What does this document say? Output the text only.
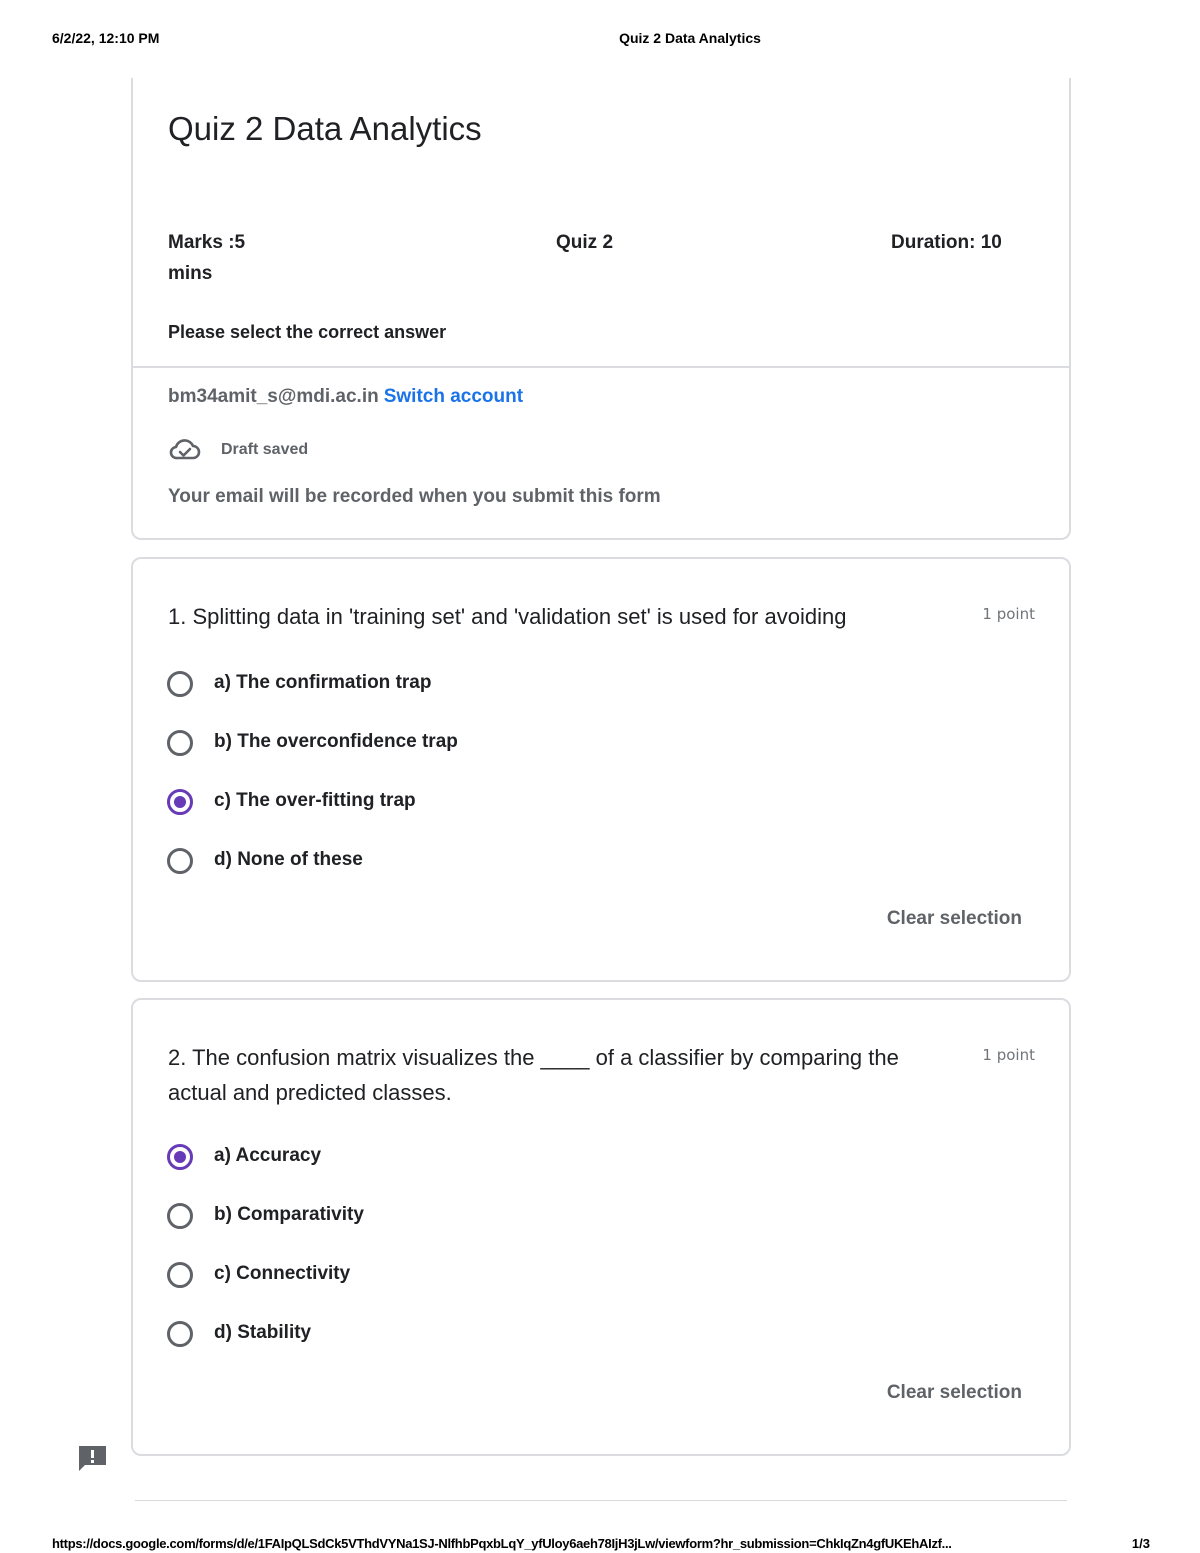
6/2/22, 12:10 PM	Quiz 2 Data Analytics
Quiz 2 Data Analytics
Marks :5	Quiz 2	Duration: 10
mins
Please select the correct answer
bm34amit_s@mdi.ac.in Switch account
Draft saved
Your email will be recorded when you submit this form
1. Splitting data in 'training set' and 'validation set' is used for avoiding	1 point
a) The confirmation trap
b) The overconfidence trap
c) The over-fitting trap
d) None of these
Clear selection
2. The confusion matrix visualizes the ____ of a classifier by comparing the actual and predicted classes.
1 point
a) Accuracy
b) Comparativity
c) Connectivity
d) Stability
Clear selection
https://docs.google.com/forms/d/e/1FAIpQLSdCk5VThdVYNa1SJ-NlfhbPqxbLqY_yfUloy6aeh78IjH3jLw/viewform?hr_submission=ChkIqZn4gfUKEhAIzf...	1/3
